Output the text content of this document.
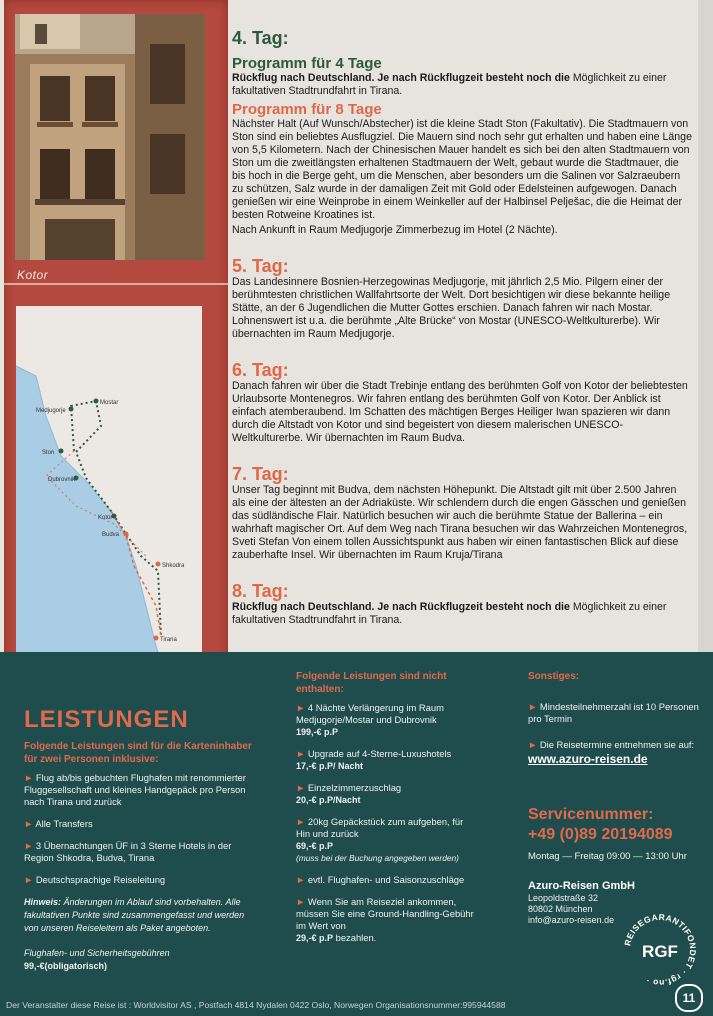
Kotor
Mostar
Medjugorje
Ston
Dubrovnik
Kotor
Budva
Shkodra
Tirana
4. Tag:
Programm für 4 Tage

Rückflug nach Deutschland. Je nach Rückflugzeit besteht noch die Möglichkeit zu einer fakultativen Stadtrundfahrt in Tirana.

Programm für 8 Tage

Nächster Halt (Auf Wunsch/Abstecher) ist die kleine Stadt Ston (Fakultativ). Die Stadtmauern von Ston sind ein beliebtes Ausflugziel. Die Mauern sind noch sehr gut erhalten und haben eine Länge von 5,5 Kilometern. Nach der Chinesischen Mauer handelt es sich bei den alten Stadtmauern von Ston um die zweitlängsten erhaltenen Stadtmauern der Welt, gebaut wurde die Stadtmauer, die bis hoch in die Berge geht, um die Menschen, aber besonders um die Salinen vor Salzraeubern zu schützen, Salz wurde in der damaligen Zeit mit Gold oder Edelsteinen aufgewogen. Danach genießen wir eine Weinprobe in einem Weinkeller auf der Halbinsel Pelješac, die die Heimat der besten Rotweine Kroatines ist.

Nach Ankunft in Raum Medjugorje Zimmerbezug im Hotel (2 Nächte).

5. Tag:

Das Landesinnere Bosnien-Herzegowinas Medjugorje, mit jährlich 2,5 Mio. Pilgern einer der berühmtesten christlichen Wallfahrtsorte der Welt. Dort besichtigen wir diese bekannte heilige Stätte, an der 6 Jugendlichen die Mutter Gottes erschien. Danach fahren wir nach Mostar. Lohnenswert ist u.a. die berühmte „Alte Brücke“ von Mostar (UNESCO-Weltkulturerbe). Wir übernachten im Raum Medjugorje.

6. Tag:

Danach fahren wir über die Stadt Trebinje entlang des berühmten Golf von Kotor der beliebtesten Urlaubsorte Montenegros. Wir fahren entlang des berühmten Golf von Kotor. Der Anblick ist einfach atemberaubend. Im Schatten des mächtigen Berges Heiliger Iwan spazieren wir dann durch die Altstadt von Kotor und sind begeistert von diesem malerischen UNESCO-Weltkulturerbe. Wir übernachten im Raum Budva.

7. Tag:

Unser Tag beginnt mit Budva, dem nächsten Höhepunkt. Die Altstadt gilt mit über 2.500 Jahren als eine der ältesten an der Adriaküste. Wir schlendern durch die engen Gässchen und genießen das südländische Flair. Natürlich besuchen wir auch die berühmte Statue der Ballerina – ein wahrhaft magischer Ort. Auf dem Weg nach Tirana besuchen wir das Wahrzeichen Montenegros, Sveti Stefan Von einem tollen Aussichtspunkt aus haben wir einen fantastischen Blick auf diese zauberhafte Insel. Wir übernachten im Raum Kruja/Tirana

8. Tag:

Rückflug nach Deutschland. Je nach Rückflugzeit besteht noch die Möglichkeit zu einer fakultativen Stadtrundfahrt in Tirana.

LEISTUNGEN

Folgende Leistungen sind für die Karteninhaber für zwei Personen inklusive:

► Flug ab/bis gebuchten Flughafen mit renommierter Fluggesellschaft und kleines Handgepäck pro Person nach Tirana und zurück
► Alle Transfers
► 3 Übernachtungen ÜF in 3 Sterne Hotels in der Region Shkodra, Budva, Tirana
► Deutschsprachige Reiseleitung
Hinweis: Änderungen im Ablauf sind vorbehalten. Alle fakultativen Punkte sind zusammengefasst und werden von unseren Reiseleitern als Paket angeboten.
Flughafen- und Sicherheitsgebühren
99,-€(obligatorisch)

Folgende Leistungen sind nicht enthalten:

► 4 Nächte Verlängerung im Raum Medjugorje/Mostar und Dubrovnik
199,-€ p.P
► Upgrade auf 4-Sterne-Luxushotels
17,-€ p.P/ Nacht
► Einzelzimmerzuschlag
20,-€ p.P/Nacht
► 20kg Gepäckstück zum aufgeben, für Hin und zurück
69,-€ p.P
(muss bei der Buchung angegeben werden)
► evtl. Flughafen- und Saisonzuschläge
► Wenn Sie am Reiseziel ankommen, müssen Sie eine Ground-Handling-Gebühr im Wert von
29,-€ p.P bezahlen.

Sonstiges:

► Mindesteilnehmerzahl ist 10 Personen pro Termin
► Die Reisetermine entnehmen sie auf:
www.azuro-reisen.de
Servicenummer:
+49 (0)89 20194089
Montag — Freitag 09:00 — 13:00 Uhr
Azuro-Reisen GmbH
Leopoldstraße 32
80802 München
info@azuro-reisen.de
REISEGARANTIFONDET · rgf.no ·
RGF
11
Der Veranstalter diese Reise ist : Worldvisitor AS , Postfach 4814 Nydalen 0422 Oslo, Norwegen Organisationsnummer:995944588
